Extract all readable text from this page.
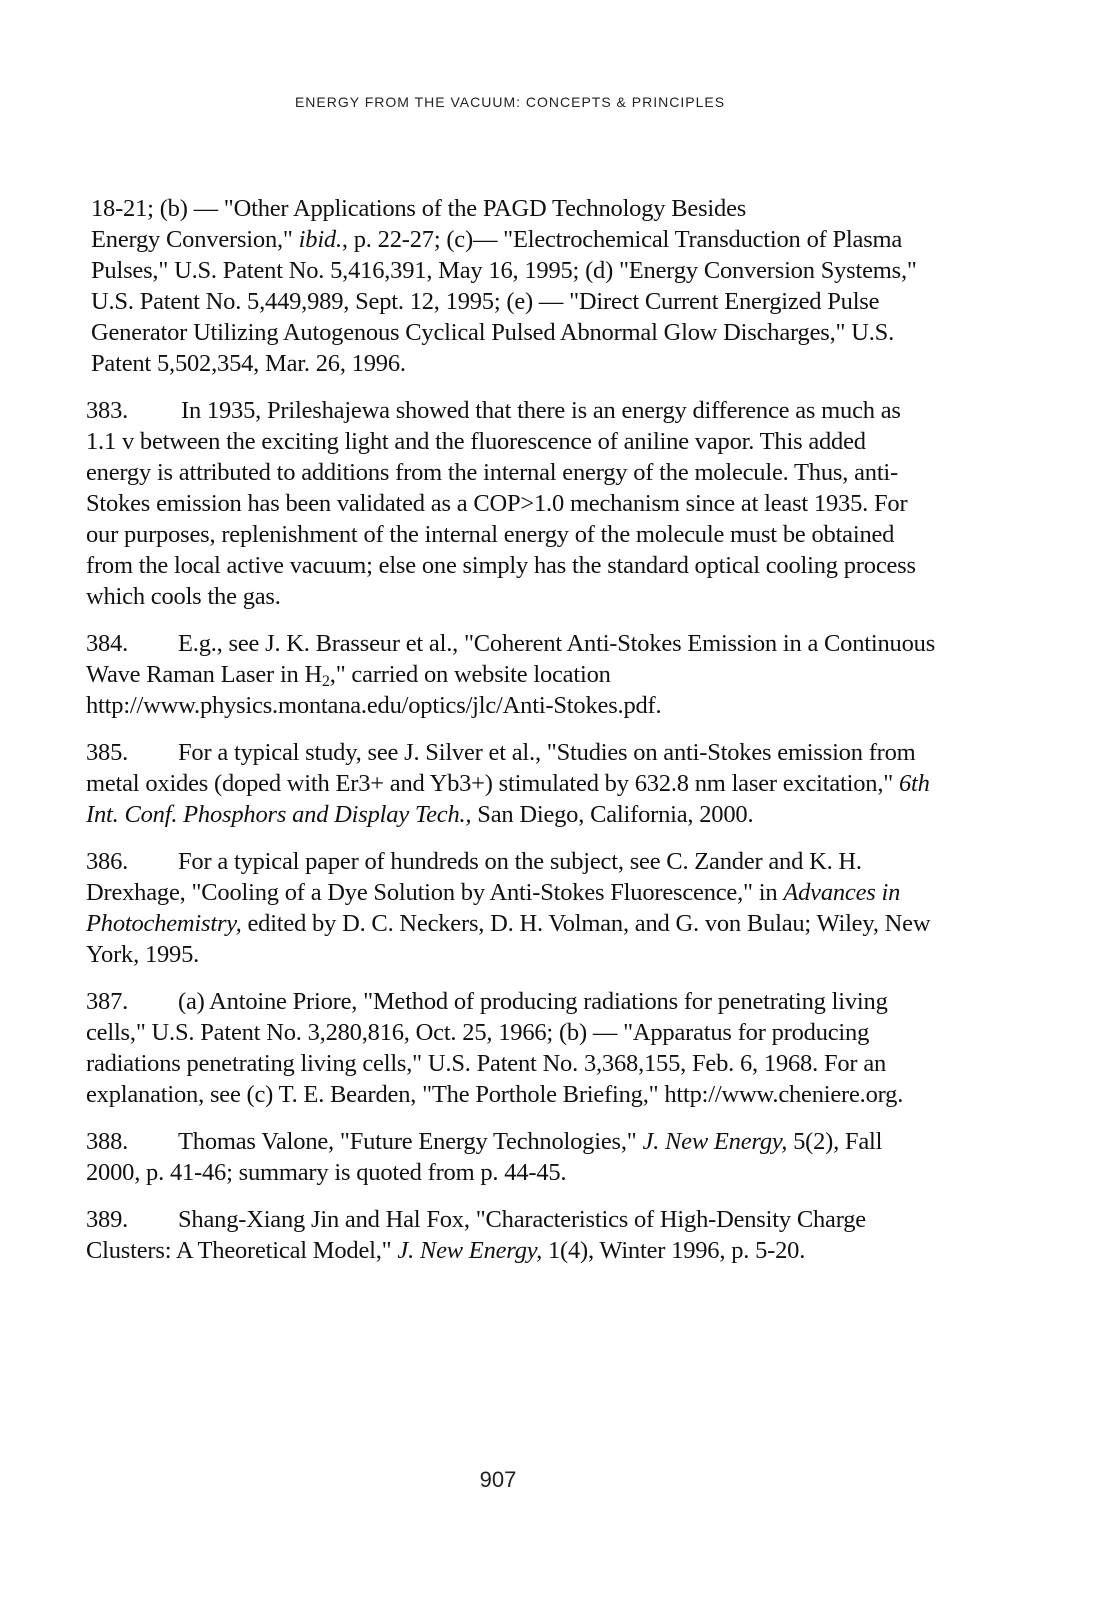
ENERGY FROM THE VACUUM: CONCEPTS & PRINCIPLES

18-21; (b) — "Other Applications of the PAGD Technology Besides
Energy Conversion," ibid., p. 22-27; (c)— "Electrochemical Transduction of Plasma Pulses," U.S. Patent No. 5,416,391, May 16, 1995; (d) "Energy Conversion Systems," U.S. Patent No. 5,449,989, Sept. 12, 1995; (e) — "Direct Current Energized Pulse Generator Utilizing Autogenous Cyclical Pulsed Abnormal Glow Discharges," U.S. Patent 5,502,354, Mar. 26, 1996.

383. In 1935, Prileshajewa showed that there is an energy difference as much as 1.1 v between the exciting light and the fluorescence of aniline vapor. This added energy is attributed to additions from the internal energy of the molecule. Thus, anti-Stokes emission has been validated as a COP>1.0 mechanism since at least 1935. For our purposes, replenishment of the internal energy of the molecule must be obtained from the local active vacuum; else one simply has the standard optical cooling process which cools the gas.

384. E.g., see J. K. Brasseur et al., "Coherent Anti-Stokes Emission in a Continuous Wave Raman Laser in $H_2$," carried on website location http://www.physics.montana.edu/optics/jlc/Anti-Stokes.pdf.

385. For a typical study, see J. Silver et al., "Studies on anti-Stokes emission from metal oxides (doped with Er3+ and Yb3+) stimulated by 632.8 nm laser excitation," 6th Int. Conf. Phosphors and Display Tech., San Diego, California, 2000.

386. For a typical paper of hundreds on the subject, see C. Zander and K. H. Drexhage, "Cooling of a Dye Solution by Anti-Stokes Fluorescence," in Advances in Photochemistry, edited by D. C. Neckers, D. H. Volman, and G. von Bulau; Wiley, New York, 1995.

387. (a) Antoine Priore, "Method of producing radiations for penetrating living cells," U.S. Patent No. 3,280,816, Oct. 25, 1966; (b) — "Apparatus for producing radiations penetrating living cells," U.S. Patent No. 3,368,155, Feb. 6, 1968. For an explanation, see (c) T. E. Bearden, "The Porthole Briefing," http://www.cheniere.org.

388. Thomas Valone, "Future Energy Technologies," J. New Energy, 5(2), Fall 2000, p. 41-46; summary is quoted from p. 44-45.

389. Shang-Xiang Jin and Hal Fox, "Characteristics of High-Density Charge Clusters: A Theoretical Model," J. New Energy, 1(4), Winter 1996, p. 5-20.

907
